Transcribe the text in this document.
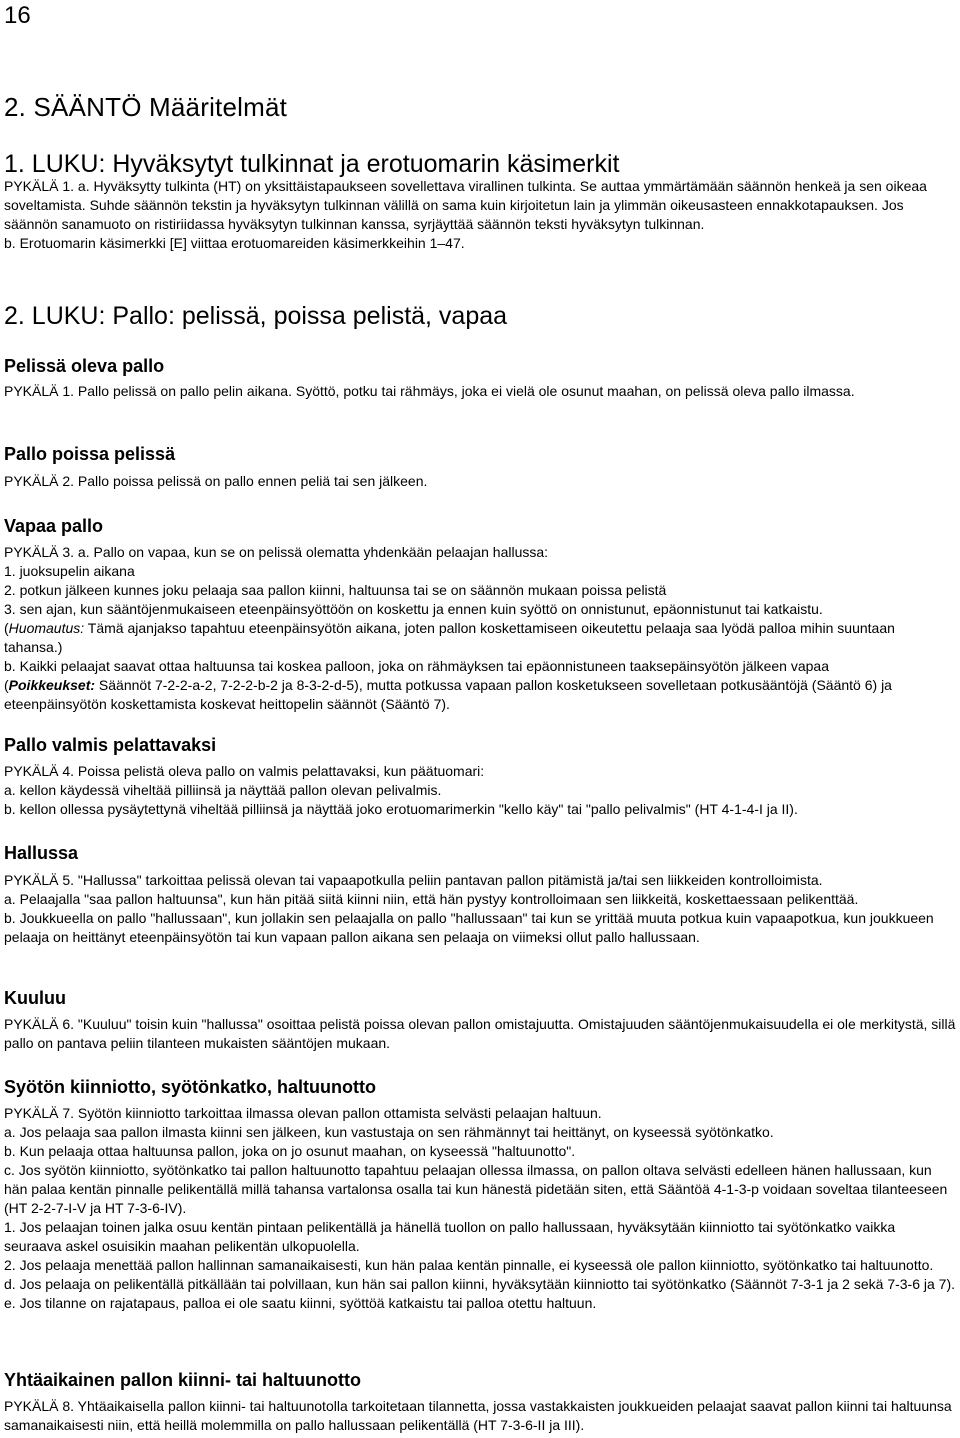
16
2. SÄÄNTÖ Määritelmät
1. LUKU: Hyväksytyt tulkinnat ja erotuomarin käsimerkit

PYKÄLÄ 1. a. Hyväksytty tulkinta (HT) on yksittäistapaukseen sovellettava virallinen tulkinta. Se auttaa ymmärtämään säännön henkeä ja sen oikeaa soveltamista. Suhde säännön tekstin ja hyväksytyn tulkinnan välillä on sama kuin kirjoitetun lain ja ylimmän oikeusasteen ennakkotapauksen. Jos säännön sanamuoto on ristiriidassa hyväksytyn tulkinnan kanssa, syrjäyttää säännön teksti hyväksytyn tulkinnan.

b. Erotuomarin käsimerkki [E] viittaa erotuomareiden käsimerkkeihin 1–47.

2. LUKU: Pallo: pelissä, poissa pelistä, vapaa
Pelissä oleva pallo

PYKÄLÄ 1. Pallo pelissä on pallo pelin aikana. Syöttö, potku tai rähmäys, joka ei vielä ole osunut maahan, on pelissä oleva pallo ilmassa.

Pallo poissa pelissä

PYKÄLÄ 2. Pallo poissa pelissä on pallo ennen peliä tai sen jälkeen.

Vapaa pallo

PYKÄLÄ 3. a. Pallo on vapaa, kun se on pelissä olematta yhdenkään pelaajan hallussa:

1. juoksupelin aikana

2. potkun jälkeen kunnes joku pelaaja saa pallon kiinni, haltuunsa tai se on säännön mukaan poissa pelistä

3. sen ajan, kun sääntöjenmukaiseen eteenpäinsyöttöön on koskettu ja ennen kuin syöttö on onnistunut, epäonnistunut tai katkaistu.

(Huomautus: Tämä ajanjakso tapahtuu eteenpäinsyötön aikana, joten pallon koskettamiseen oikeutettu pelaaja saa lyödä palloa mihin suuntaan tahansa.)

b. Kaikki pelaajat saavat ottaa haltuunsa tai koskea palloon, joka on rähmäyksen tai epäonnistuneen taaksepäinsyötön jälkeen vapaa

(Poikkeukset: Säännöt 7-2-2-a-2, 7-2-2-b-2 ja 8-3-2-d-5), mutta potkussa vapaan pallon kosketukseen sovelletaan potkusääntöjä (Sääntö 6) ja eteenpäinsyötön koskettamista koskevat heittopelin säännöt (Sääntö 7).

Pallo valmis pelattavaksi

PYKÄLÄ 4. Poissa pelistä oleva pallo on valmis pelattavaksi, kun päätuomari:

a. kellon käydessä viheltää pilliinsä ja näyttää pallon olevan pelivalmis.

b. kellon ollessa pysäytettynä viheltää pilliinsä ja näyttää joko erotuomarimerkin "kello käy" tai "pallo pelivalmis" (HT 4-1-4-I ja II).

Hallussa

PYKÄLÄ 5. "Hallussa" tarkoittaa pelissä olevan tai vapaapotkulla peliin pantavan pallon pitämistä ja/tai sen liikkeiden kontrolloimista.

a. Pelaajalla "saa pallon haltuunsa", kun hän pitää siitä kiinni niin, että hän pystyy kontrolloimaan sen liikkeitä, koskettaessaan pelikenttää.

b. Joukkueella on pallo "hallussaan", kun jollakin sen pelaajalla on pallo "hallussaan" tai kun se yrittää muuta potkua kuin vapaapotkua, kun joukkueen pelaaja on heittänyt eteenpäinsyötön tai kun vapaan pallon aikana sen pelaaja on viimeksi ollut pallo hallussaan.

Kuuluu

PYKÄLÄ 6. "Kuuluu" toisin kuin "hallussa" osoittaa pelistä poissa olevan pallon omistajuutta. Omistajuuden sääntöjenmukaisuudella ei ole merkitystä, sillä pallo on pantava peliin tilanteen mukaisten sääntöjen mukaan.

Syötön kiinniotto, syötönkatko, haltuunotto

PYKÄLÄ 7. Syötön kiinniotto tarkoittaa ilmassa olevan pallon ottamista selvästi pelaajan haltuun.

a. Jos pelaaja saa pallon ilmasta kiinni sen jälkeen, kun vastustaja on sen rähmännyt tai heittänyt, on kyseessä syötönkatko.

b. Kun pelaaja ottaa haltuunsa pallon, joka on jo osunut maahan, on kyseessä "haltuunotto".

c. Jos syötön kiinniotto, syötönkatko tai pallon haltuunotto tapahtuu pelaajan ollessa ilmassa, on pallon oltava selvästi edelleen hänen hallussaan, kun hän palaa kentän pinnalle pelikentällä millä tahansa vartalonsa osalla tai kun hänestä pidetään siten, että Sääntöä 4-1-3-p voidaan soveltaa tilanteeseen (HT 2-2-7-I-V ja HT 7-3-6-IV).

1. Jos pelaajan toinen jalka osuu kentän pintaan pelikentällä ja hänellä tuollon on pallo hallussaan, hyväksytään kiinniotto tai syötönkatko vaikka seuraava askel osuisikin maahan pelikentän ulkopuolella.

2. Jos pelaaja menettää pallon hallinnan samanaikaisesti, kun hän palaa kentän pinnalle, ei kyseessä ole pallon kiinniotto, syötönkatko tai haltuunotto.

d. Jos pelaaja on pelikentällä pitkällään tai polvillaan, kun hän sai pallon kiinni, hyväksytään kiinniotto tai syötönkatko (Säännöt 7-3-1 ja 2 sekä 7-3-6 ja 7).

e. Jos tilanne on rajatapaus, palloa ei ole saatu kiinni, syöttöä katkaistu tai palloa otettu haltuun.

Yhtäaikainen pallon kiinni- tai haltuunotto

PYKÄLÄ 8. Yhtäaikaisella pallon kiinni- tai haltuunotolla tarkoitetaan tilannetta, jossa vastakkaisten joukkueiden pelaajat saavat pallon kiinni tai haltuunsa samanaikaisesti niin, että heillä molemmilla on pallo hallussaan pelikentällä (HT 7-3-6-II ja III).
